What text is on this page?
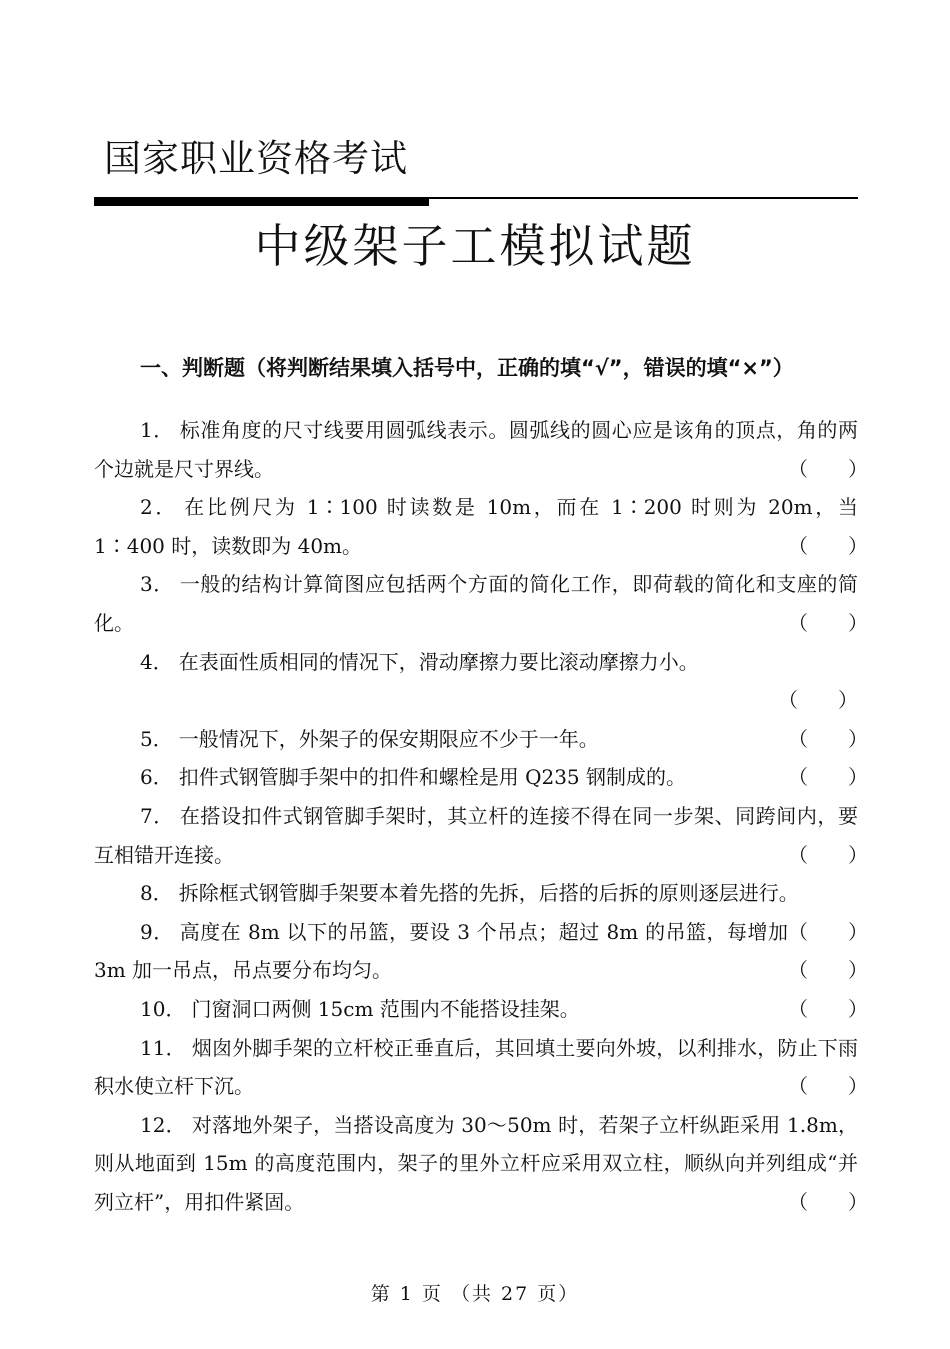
国家职业资格考试
中级架子工模拟试题
一、判断题（将判断结果填入括号中，正确的填“√”，错误的填“×”）
1． 标准角度的尺寸线要用圆弧线表示。圆弧线的圆心应是该角的顶点，角的两个边就是尺寸界线。	（　　）
2． 在比例尺为 1∶100 时读数是 10m，而在 1∶200 时则为 20m，当 1∶400 时，读数即为 40m。	（　　）
3． 一般的结构计算简图应包括两个方面的简化工作，即荷载的简化和支座的简化。	（　　）
4． 在表面性质相同的情况下，滑动摩擦力要比滚动摩擦力小。
（　　）
5． 一般情况下，外架子的保安期限应不少于一年。	（　　）
6． 扣件式钢管脚手架中的扣件和螺栓是用 Q235 钢制成的。	（　　）
7． 在搭设扣件式钢管脚手架时，其立杆的连接不得在同一步架、同跨间内，要互相错开连接。	（　　）
8． 拆除框式钢管脚手架要本着先搭的先拆，后搭的后拆的原则逐层进行。
（　　）
9． 高度在 8m 以下的吊篮，要设 3 个吊点；超过 8m 的吊篮，每增加 3m 加一吊点，吊点要分布均匀。	（　　）
10． 门窗洞口两侧 15cm 范围内不能搭设挂架。	（　　）
11． 烟囱外脚手架的立杆校正垂直后，其回填土要向外坡，以利排水，防止下雨积水使立杆下沉。	（　　）
12． 对落地外架子，当搭设高度为 30～50m 时，若架子立杆纵距采用 1.8m，则从地面到 15m 的高度范围内，架子的里外立杆应采用双立柱，顺纵向并列组成“并列立杆”，用扣件紧固。	（　　）
第 1 页 （共 27 页）
